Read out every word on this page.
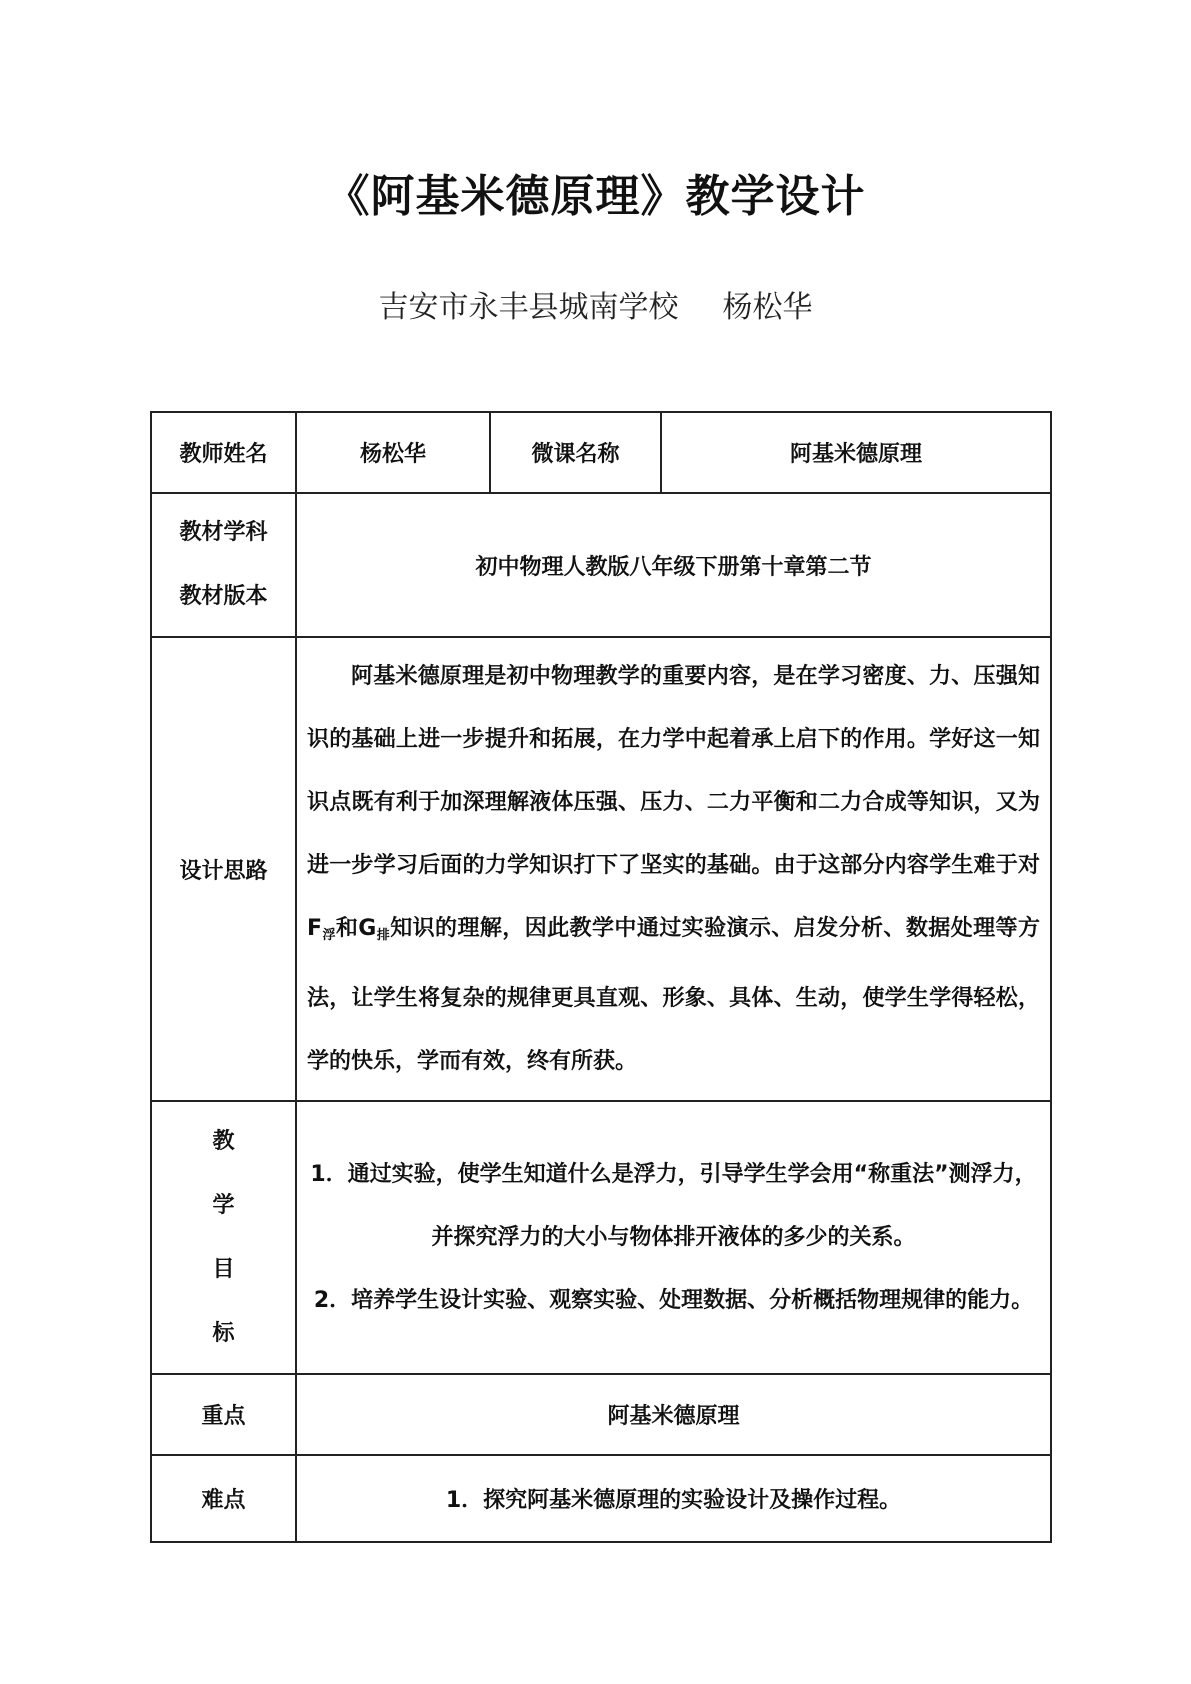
《阿基米德原理》教学设计
吉安市永丰县城南学校 杨松华
教师姓名	杨松华	微课名称	阿基米德原理

教材学科
教材版本	初中物理人教版八年级下册第十章第二节		
设计思路	阿基米德原理是初中物理教学的重要内容，是在学习密度、力、压强知识的基础上进一步提升和拓展，在力学中起着承上启下的作用。学好这一知识点既有利于加深理解液体压强、压力、二力平衡和二力合成等知识，又为进一步学习后面的力学知识打下了坚实的基础。由于这部分内容学生难于对 $F_浮$和$G_排$知识的理解，因此教学中通过实验演示、启发分析、数据处理等方法，让学生将复杂的规律更具直观、形象、具体、生动，使学生学得轻松，学的快乐，学而有效，终有所获。		

教
学
目
标	1．通过实验，使学生知道什么是浮力，引导学生学会用“称重法”测浮力，并探究浮力的大小与物体排开液体的多少的关系。
2．培养学生设计实验、观察实验、处理数据、分析概括物理规律的能力。		

重点	阿基米德原理		
难点	1．探究阿基米德原理的实验设计及操作过程。		
